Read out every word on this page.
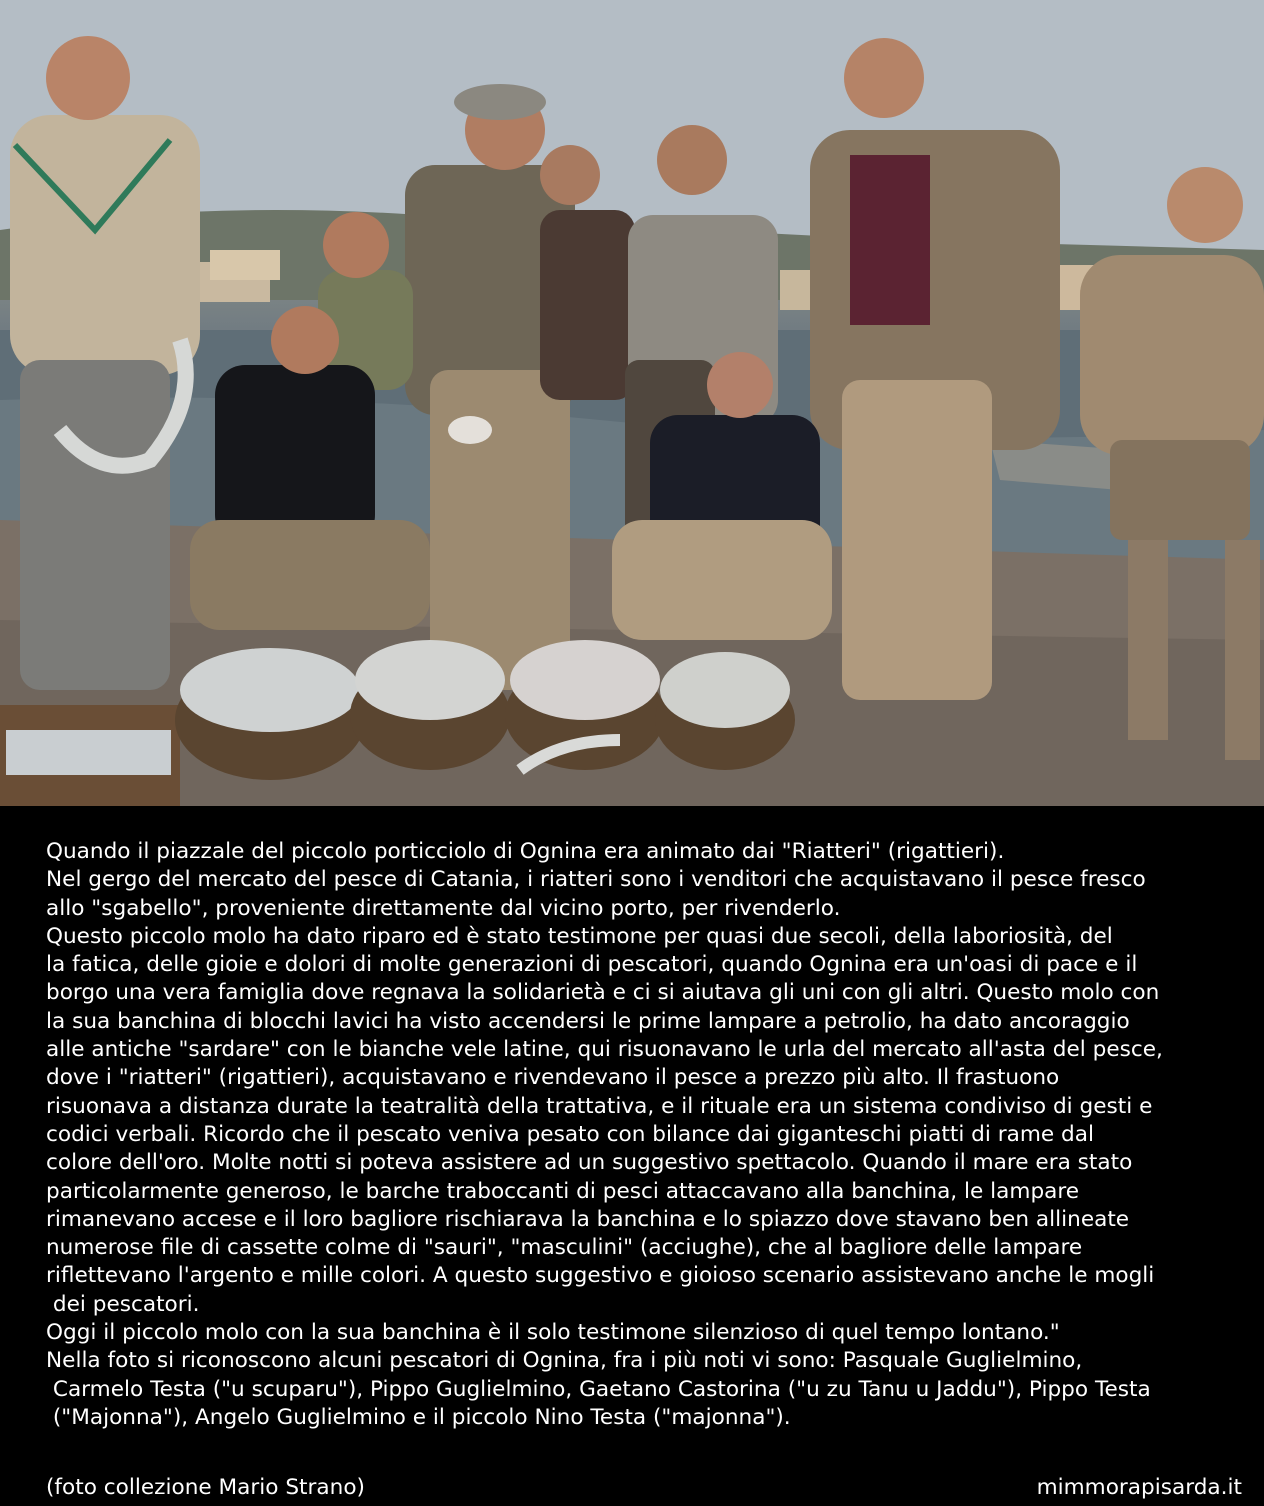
Quando il piazzale del piccolo porticciolo di Ognina era animato dai "Riatteri" (rigattieri).

Nel gergo del mercato del pesce di Catania, i riatteri sono i venditori che acquistavano il pesce fresco

allo "sgabello", proveniente direttamente dal vicino porto, per rivenderlo.

Questo piccolo molo ha dato riparo ed è stato testimone per quasi due secoli, della laboriosità, del

la fatica, delle gioie e dolori di molte generazioni di pescatori, quando Ognina era un'oasi di pace e il

borgo una vera famiglia dove regnava la solidarietà e ci si aiutava gli uni con gli altri. Questo molo con

la sua banchina di blocchi lavici ha visto accendersi le prime lampare a petrolio, ha dato ancoraggio

alle antiche "sardare" con le bianche vele latine, qui risuonavano le urla del mercato all'asta del pesce,

dove i "riatteri" (rigattieri), acquistavano e rivendevano il pesce a prezzo più alto. Il frastuono

risuonava a distanza durate la teatralità della trattativa, e il rituale era un sistema condiviso di gesti e

codici verbali. Ricordo che il pescato veniva pesato con bilance dai giganteschi piatti di rame dal

colore dell'oro. Molte notti si poteva assistere ad un suggestivo spettacolo. Quando il mare era stato

particolarmente generoso, le barche traboccanti di pesci attaccavano alla banchina, le lampare

rimanevano accese e il loro bagliore rischiarava la banchina e lo spiazzo dove stavano ben allineate

numerose file di cassette colme di "sauri", "masculini" (acciughe), che al bagliore delle lampare

riflettevano l'argento e mille colori. A questo suggestivo e gioioso scenario assistevano anche le mogli

dei pescatori.

Oggi il piccolo molo con la sua banchina è il solo testimone silenzioso di quel tempo lontano."

Nella foto si riconoscono alcuni pescatori di Ognina, fra i più noti vi sono: Pasquale Guglielmino,

Carmelo Testa ("u scuparu"), Pippo Guglielmino, Gaetano Castorina ("u zu Tanu u Jaddu"), Pippo Testa

("Majonna"), Angelo Guglielmino e il piccolo Nino Testa ("majonna").

(foto collezione Mario Strano)	mimmorapisarda.it
